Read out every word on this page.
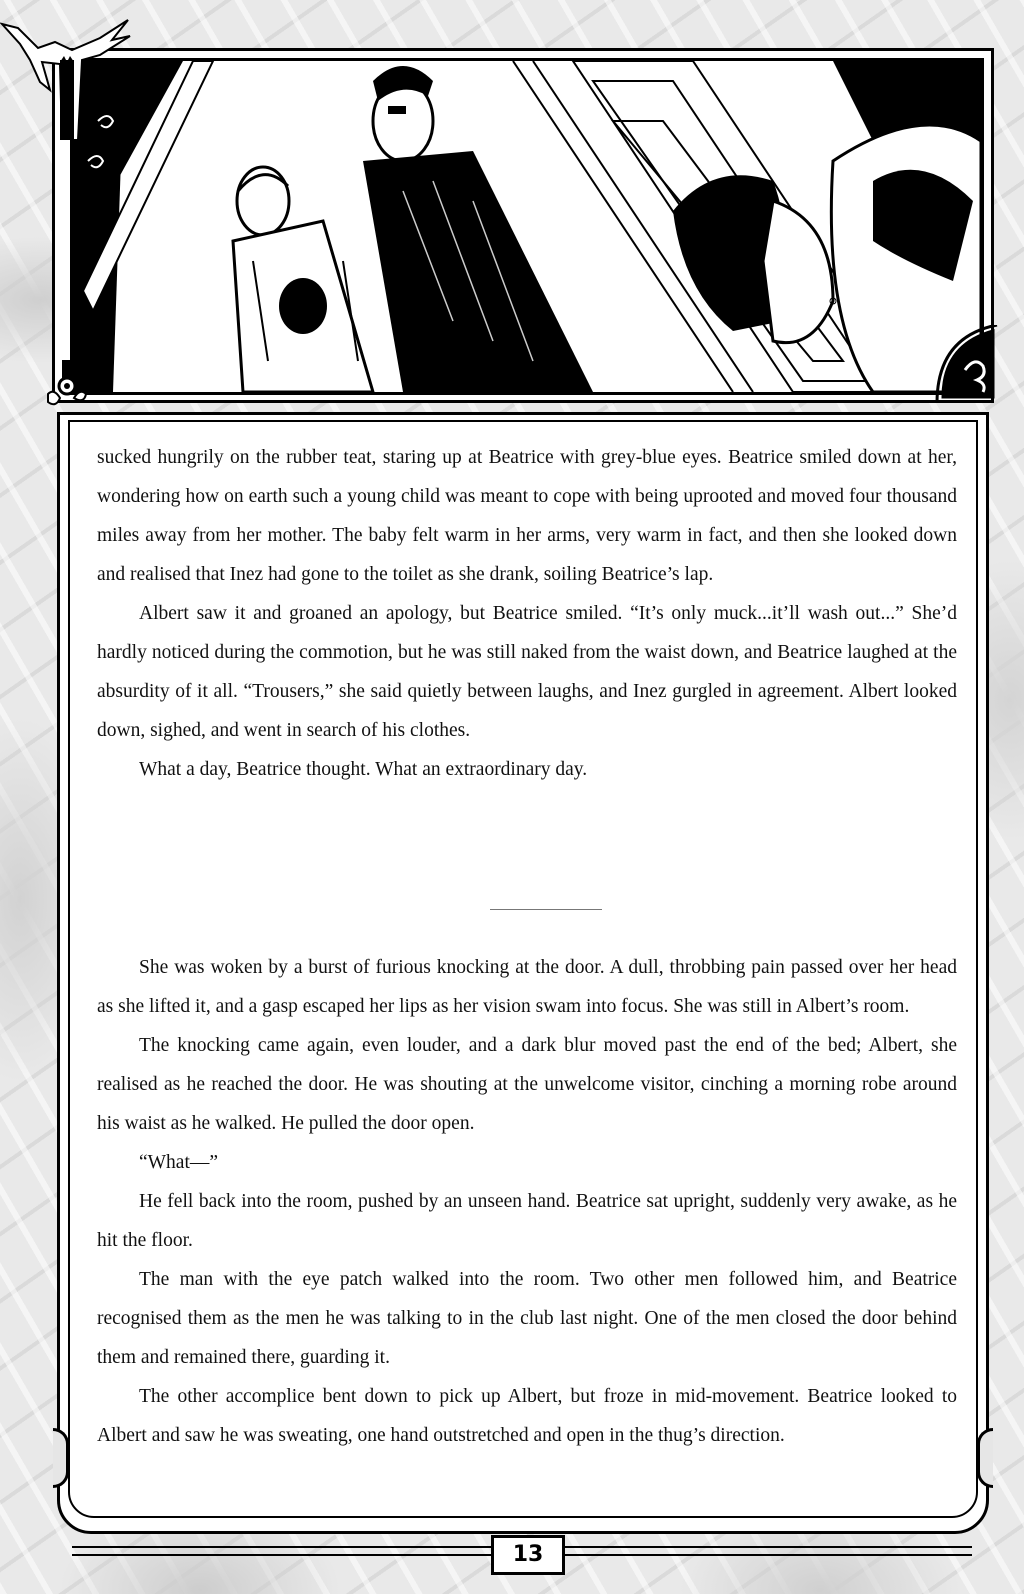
sucked hungrily on the rubber teat, staring up at Beatrice with grey-blue eyes. Beatrice smiled down at her, wondering how on earth such a young child was meant to cope with being uprooted and moved four thousand miles away from her mother. The baby felt warm in her arms, very warm in fact, and then she looked down and realised that Inez had gone to the toilet as she drank, soiling Beatrice’s lap.

Albert saw it and groaned an apology, but Beatrice smiled. “It’s only muck...it’ll wash out...” She’d hardly noticed during the commotion, but he was still naked from the waist down, and Beatrice laughed at the absurdity of it all. “Trousers,” she said quietly between laughs, and Inez gurgled in agreement. Albert looked down, sighed, and went in search of his clothes.

What a day, Beatrice thought. What an extraordinary day.

She was woken by a burst of furious knocking at the door. A dull, throbbing pain passed over her head as she lifted it, and a gasp escaped her lips as her vision swam into focus. She was still in Albert’s room.

The knocking came again, even louder, and a dark blur moved past the end of the bed; Albert, she realised as he reached the door. He was shouting at the unwelcome visitor, cinching a morning robe around his waist as he walked. He pulled the door open.

“What—”

He fell back into the room, pushed by an unseen hand. Beatrice sat upright, suddenly very awake, as he hit the floor.

The man with the eye patch walked into the room. Two other men followed him, and Beatrice recognised them as the men he was talking to in the club last night. One of the men closed the door behind them and remained there, guarding it.

The other accomplice bent down to pick up Albert, but froze in mid-movement. Beatrice looked to Albert and saw he was sweating, one hand outstretched and open in the thug’s direction.

13
